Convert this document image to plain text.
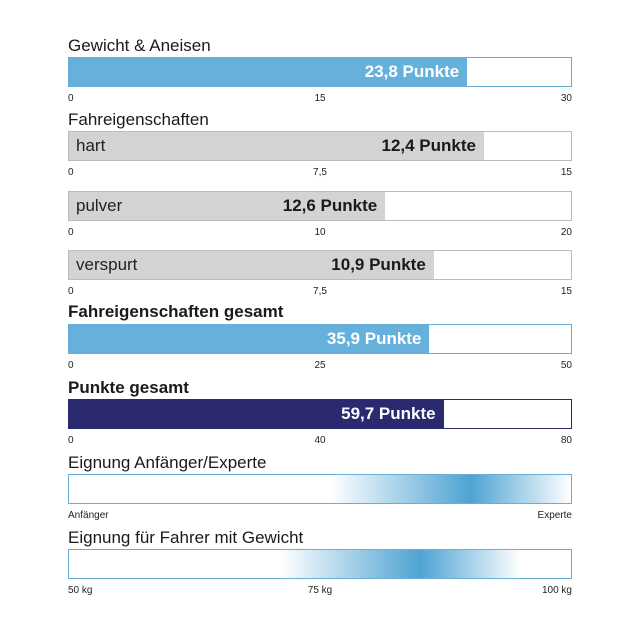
Gewicht & Aneisen
23,8 Punkte
0	15	30
Fahreigenschaften
12,4 Punkte
hart
0	7,5	15
12,6 Punkte
pulver
0	10	20
10,9 Punkte
verspurt
0	7,5	15
Fahreigenschaften gesamt
35,9 Punkte
0	25	50
Punkte gesamt
59,7 Punkte
0	40	80
Eignung Anfänger/Experte
Anfänger	Experte
Eignung für Fahrer mit Gewicht
50 kg	75 kg	100 kg
